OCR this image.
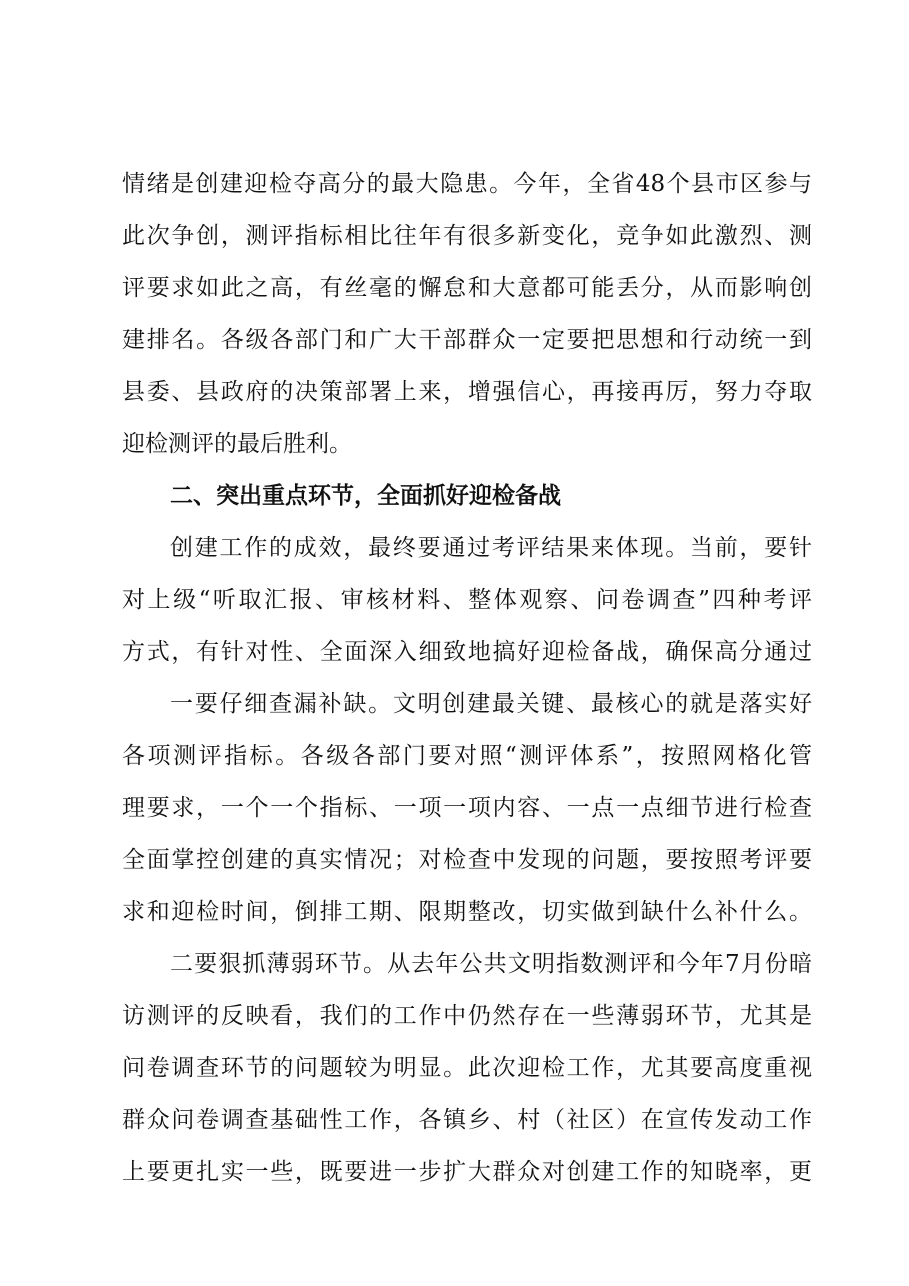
情绪是创建迎检夺高分的最大隐患。今年，全省48个县市区参与
此次争创，测评指标相比往年有很多新变化，竞争如此激烈、测
评要求如此之高，有丝毫的懈怠和大意都可能丢分，从而影响创
建排名。各级各部门和广大干部群众一定要把思想和行动统一到
县委、县政府的决策部署上来，增强信心，再接再厉，努力夺取
迎检测评的最后胜利。
二、突出重点环节，全面抓好迎检备战
创建工作的成效，最终要通过考评结果来体现。当前，要针
对上级“听取汇报、审核材料、整体观察、问卷调查”四种考评
方式，有针对性、全面深入细致地搞好迎检备战，确保高分通过
一要仔细查漏补缺。文明创建最关键、最核心的就是落实好
各项测评指标。各级各部门要对照“测评体系”，按照网格化管
理要求，一个一个指标、一项一项内容、一点一点细节进行检查
全面掌控创建的真实情况；对检查中发现的问题，要按照考评要
求和迎检时间，倒排工期、限期整改，切实做到缺什么补什么。
二要狠抓薄弱环节。从去年公共文明指数测评和今年7月份暗
访测评的反映看，我们的工作中仍然存在一些薄弱环节，尤其是
问卷调查环节的问题较为明显。此次迎检工作，尤其要高度重视
群众问卷调查基础性工作，各镇乡、村（社区）在宣传发动工作
上要更扎实一些，既要进一步扩大群众对创建工作的知晓率，更
